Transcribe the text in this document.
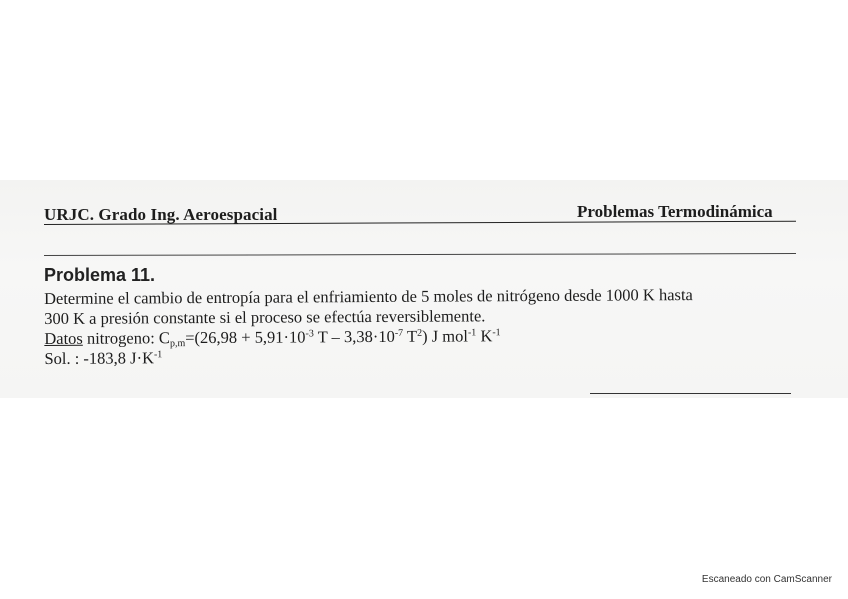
URJC. Grado Ing. Aeroespacial	Problemas Termodinámica
Problema 11.
Determine el cambio de entropía para el enfriamiento de 5 moles de nitrógeno desde 1000 K hasta
300 K a presión constante si el proceso se efectúa reversiblemente.
Datos nitrogeno: $C_{p,m}=(26,98 + 5,91\cdot 10^{-3}$ $T - 3,38\cdot 10^{-7}$ $T^2$) J mol$^{-1}$ $K^{-1}$
Sol. : -183,8 $J\cdot K^{-1}$
Escaneado con CamScanner
